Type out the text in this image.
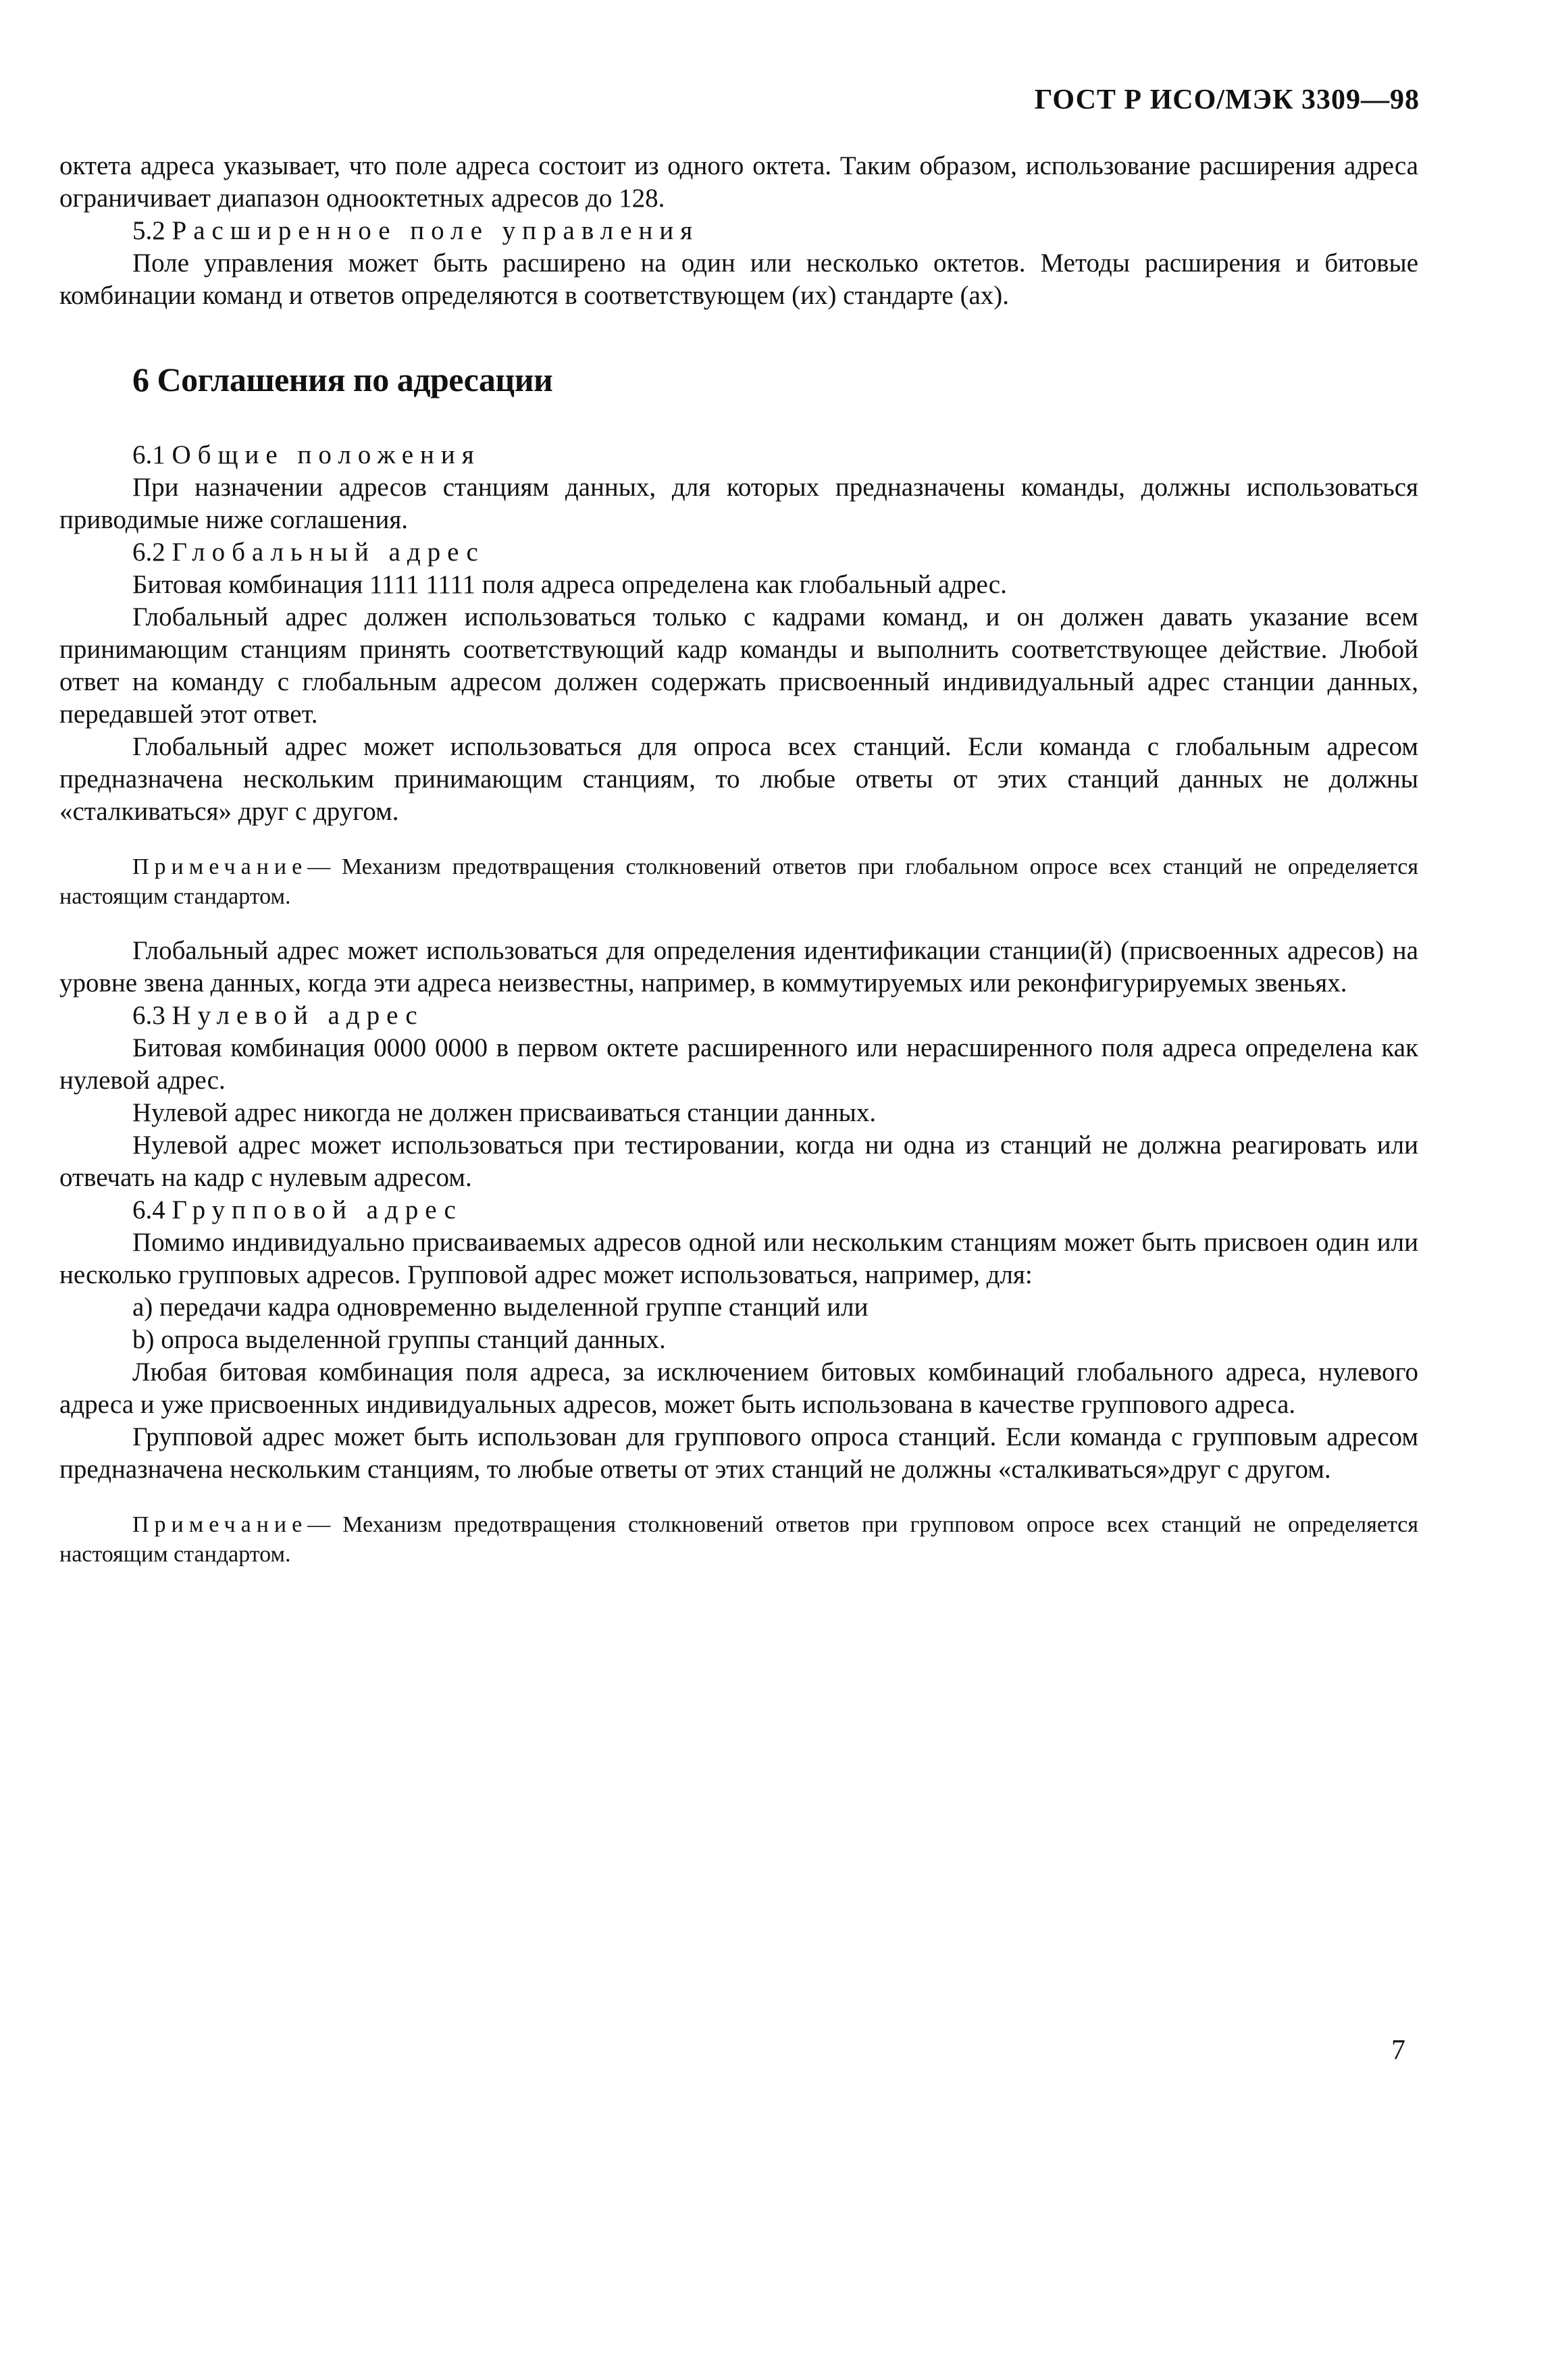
ГОСТ Р ИСО/МЭК 3309—98

октета адреса указывает, что поле адреса состоит из одного октета. Таким образом, использование расширения адреса ограничивает диапазон однооктетных адресов до 128.

5.2 Расширенное поле управления

Поле управления может быть расширено на один или несколько октетов. Методы расширения и битовые комбинации команд и ответов определяются в соответствующем (их) стандарте (ах).

6 Соглашения по адресации
6.1 Общие положения

При назначении адресов станциям данных, для которых предназначены команды, должны использоваться приводимые ниже соглашения.

6.2 Глобальный адрес

Битовая комбинация 1111 1111 поля адреса определена как глобальный адрес.

Глобальный адрес должен использоваться только с кадрами команд, и он должен давать указание всем принимающим станциям принять соответствующий кадр команды и выполнить соответствующее действие. Любой ответ на команду с глобальным адресом должен содержать присвоенный индивидуальный адрес станции данных, передавшей этот ответ.

Глобальный адрес может использоваться для опроса всех станций. Если команда с глобальным адресом предназначена нескольким принимающим станциям, то любые ответы от этих станций данных не должны «сталкиваться» друг с другом.

Примечание— Механизм предотвращения столкновений ответов при глобальном опросе всех станций не определяется настоящим стандартом.

Глобальный адрес может использоваться для определения идентификации станции(й) (присвоенных адресов) на уровне звена данных, когда эти адреса неизвестны, например, в коммутируемых или реконфигурируемых звеньях.

6.3 Нулевой адрес

Битовая комбинация 0000 0000 в первом октете расширенного или нерасширенного поля адреса определена как нулевой адрес.

Нулевой адрес никогда не должен присваиваться станции данных.

Нулевой адрес может использоваться при тестировании, когда ни одна из станций не должна реагировать или отвечать на кадр с нулевым адресом.

6.4 Групповой адрес

Помимо индивидуально присваиваемых адресов одной или нескольким станциям может быть присвоен один или несколько групповых адресов. Групповой адрес может использоваться, например, для:

a) передачи кадра одновременно выделенной группе станций или

b) опроса выделенной группы станций данных.

Любая битовая комбинация поля адреса, за исключением битовых комбинаций глобального адреса, нулевого адреса и уже присвоенных индивидуальных адресов, может быть использована в качестве группового адреса.

Групповой адрес может быть использован для группового опроса станций. Если команда с групповым адресом предназначена нескольким станциям, то любые ответы от этих станций не должны «сталкиваться»друг с другом.

Примечание— Механизм предотвращения столкновений ответов при групповом опросе всех станций не определяется настоящим стандартом.
7
